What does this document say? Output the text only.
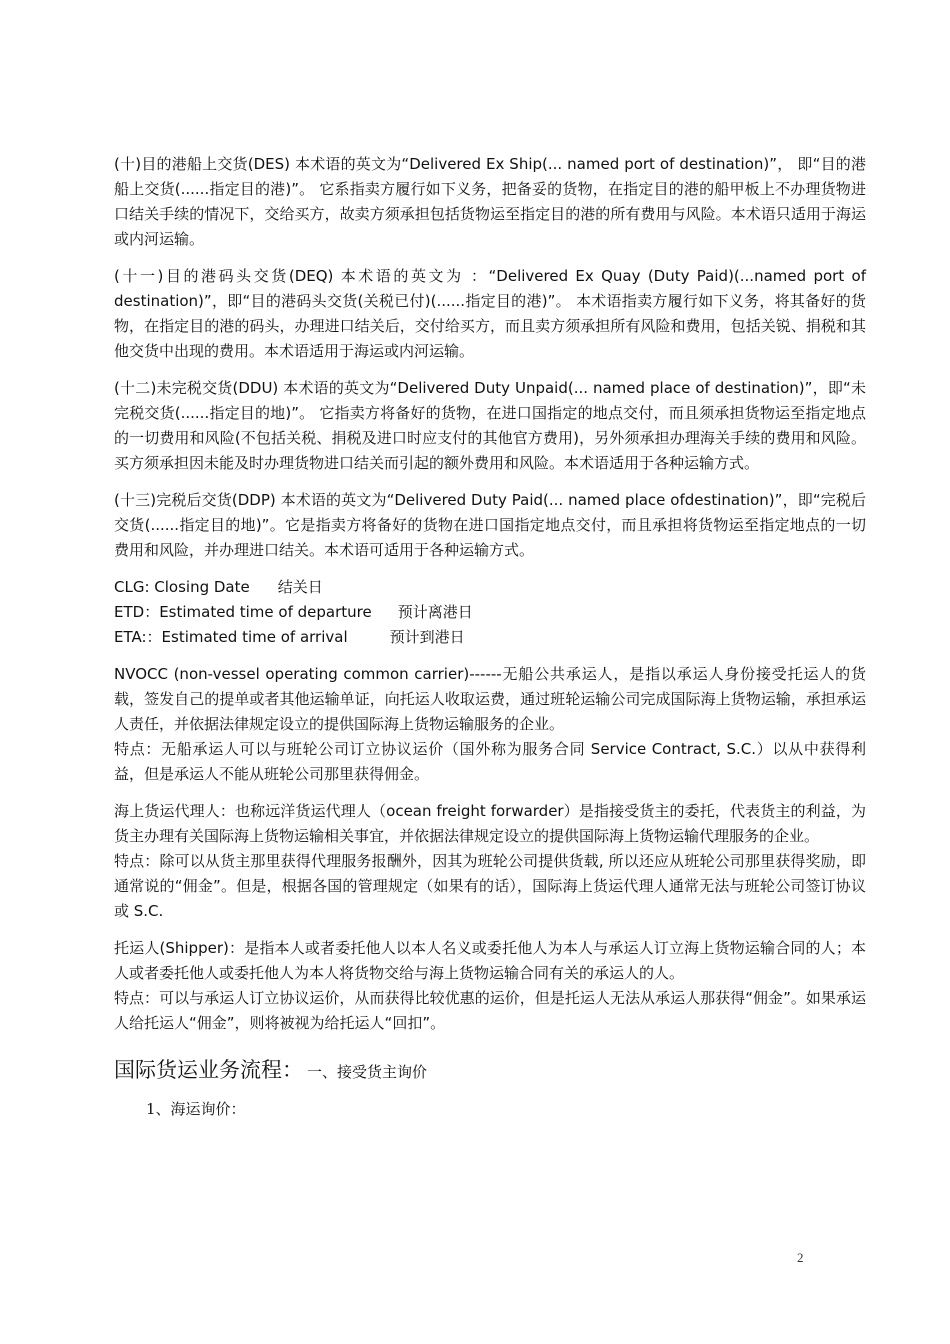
(十)目的港船上交货(DES) 本术语的英文为“Delivered Ex Ship(... named port of destination)”， 即“目的港船上交货(......指定目的港)”。 它系指卖方履行如下义务，把备妥的货物，在指定目的港的船甲板上不办理货物进口结关手续的情况下，交给买方，故卖方须承担包括货物运至指定目的港的所有费用与风险。本术语只适用于海运或内河运输。

(十一)目的港码头交货(DEQ) 本术语的英文为 ：“Delivered Ex Quay (Duty Paid)(...named port of destination)”，即“目的港码头交货(关税已付)(......指定目的港)”。 本术语指卖方履行如下义务，将其备好的货物，在指定目的港的码头，办理进口结关后，交付给买方，而且卖方须承担所有风险和费用，包括关锐、捐税和其他交货中出现的费用。本术语适用于海运或内河运输。

(十二)未完税交货(DDU) 本术语的英文为“Delivered Duty Unpaid(... named place of destination)”，即“未完税交货(......指定目的地)”。 它指卖方将备好的货物，在进口国指定的地点交付，而且须承担货物运至指定地点的一切费用和风险(不包括关税、捐税及进口时应支付的其他官方费用)，另外须承担办理海关手续的费用和风险。买方须承担因未能及时办理货物进口结关而引起的额外费用和风险。本术语适用于各种运输方式。

(十三)完税后交货(DDP) 本术语的英文为“Delivered Duty Paid(... named place ofdestination)”，即“完税后交货(......指定目的地)”。它是指卖方将备好的货物在进口国指定地点交付，而且承担将货物运至指定地点的一切费用和风险，并办理进口结关。本术语可适用于各种运输方式。

CLG: Closing Date 结关日
ETD：Estimated time of departure 预计离港日
ETA:：Estimated time of arrival	预计到港日

NVOCC (non-vessel operating common carrier)------无船公共承运人，是指以承运人身份接受托运人的货载，签发自己的提单或者其他运输单证，向托运人收取运费，通过班轮运输公司完成国际海上货物运输，承担承运人责任，并依据法律规定设立的提供国际海上货物运输服务的企业。

特点：无船承运人可以与班轮公司订立协议运价（国外称为服务合同 Service Contract, S.C.）以从中获得利益，但是承运人不能从班轮公司那里获得佣金。

海上货运代理人：也称远洋货运代理人（ocean freight forwarder）是指接受货主的委托，代表货主的利益，为货主办理有关国际海上货物运输相关事宜，并依据法律规定设立的提供国际海上货物运输代理服务的企业。

特点：除可以从货主那里获得代理服务报酬外，因其为班轮公司提供货载, 所以还应从班轮公司那里获得奖励，即通常说的“佣金”。但是，根据各国的管理规定（如果有的话），国际海上货运代理人通常无法与班轮公司签订协议或 S.C.

托运人(Shipper)：是指本人或者委托他人以本人名义或委托他人为本人与承运人订立海上货物运输合同的人；本人或者委托他人或委托他人为本人将货物交给与海上货物运输合同有关的承运人的人。

特点：可以与承运人订立协议运价，从而获得比较优惠的运价，但是托运人无法从承运人那获得“佣金”。如果承运人给托运人“佣金”，则将被视为给托运人“回扣”。

国际货运业务流程： 一、接受货主询价
1、海运询价：
2
